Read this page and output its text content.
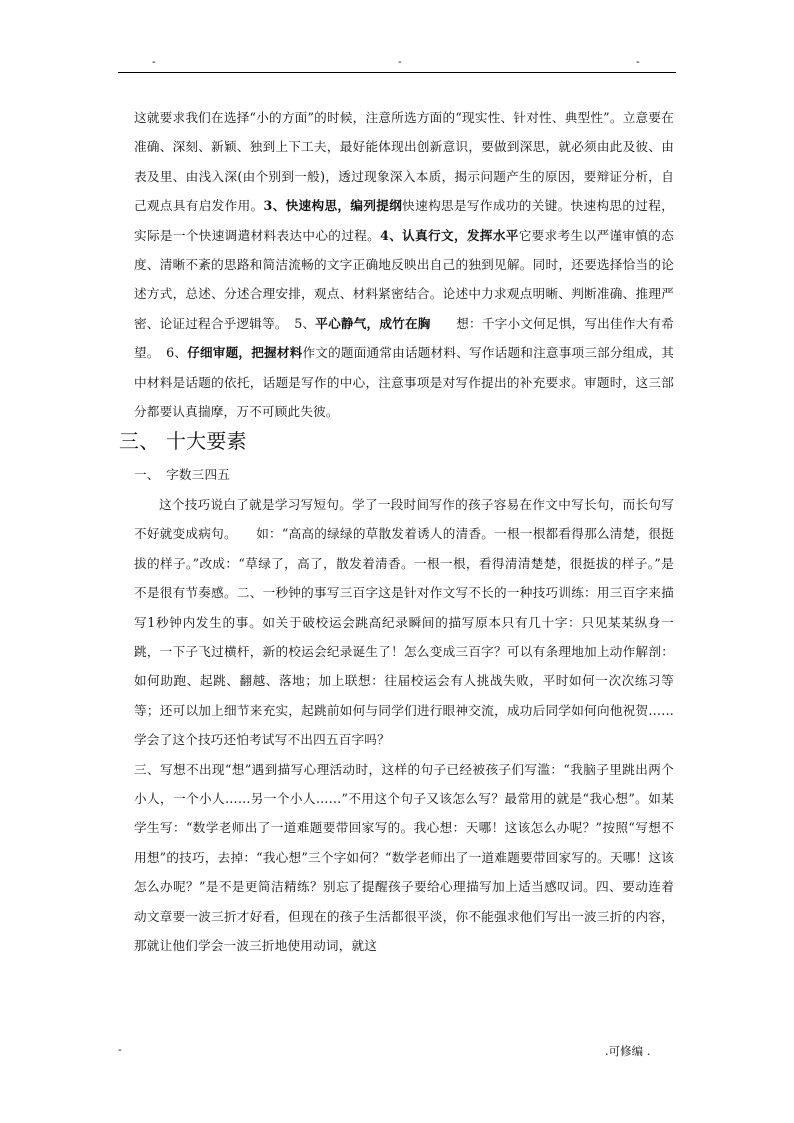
-	-	-

这就要求我们在选择“小的方面”的时候，注意所选方面的“现实性、针对性、典型性”。立意要在准确、深刻、新颖、独到上下工夫，最好能体现出创新意识，要做到深思，就必须由此及彼、由表及里、由浅入深(由个别到一般)，透过现象深入本质，揭示问题产生的原因，要辩证分析，自己观点具有启发作用。3、快速构思，编列提纲快速构思是写作成功的关键。快速构思的过程，实际是一个快速调遣材料表达中心的过程。4、认真行文，发挥水平它要求考生以严谨审慎的态度、清晰不紊的思路和简洁流畅的文字正确地反映出自己的独到见解。同时，还要选择恰当的论述方式，总述、分述合理安排，观点、材料紧密结合。论述中力求观点明晰、判断准确、推理严密、论证过程合乎逻辑等。　5、平心静气，成竹在胸　　想：千字小文何足惧，写出佳作大有希望。　6、仔细审题，把握材料作文的题面通常由话题材料、写作话题和注意事项三部分组成，其中材料是话题的依托，话题是写作的中心，注意事项是对写作提出的补充要求。审题时，这三部分都要认真揣摩，万不可顾此失彼。

三、 十大要素

一、　字数三四五

这个技巧说白了就是学习写短句。学了一段时间写作的孩子容易在作文中写长句，而长句写不好就变成病句。　　如：“高高的绿绿的草散发着诱人的清香。一根一根都看得那么清楚，很挺拔的样子。”改成：“草绿了，高了，散发着清香。一根一根，看得清清楚楚，很挺拔的样子。”是不是很有节奏感。二、一秒钟的事写三百字这是针对作文写不长的一种技巧训练：用三百字来描写1秒钟内发生的事。如关于破校运会跳高纪录瞬间的描写原本只有几十字：只见某某纵身一跳，一下子飞过横杆，新的校运会纪录诞生了！怎么变成三百字？可以有条理地加上动作解剖：如何助跑、起跳、翻越、落地；加上联想：往届校运会有人挑战失败，平时如何一次次练习等等；还可以加上细节来充实，起跳前如何与同学们进行眼神交流，成功后同学如何向他祝贺……学会了这个技巧还怕考试写不出四五百字吗？

三、写想不出现“想”遇到描写心理活动时，这样的句子已经被孩子们写滥：“我脑子里跳出两个小人，一个小人……另一个小人……”不用这个句子又该怎么写？最常用的就是“我心想”。如某学生写：“数学老师出了一道难题要带回家写的。我心想：天哪！这该怎么办呢？”按照“写想不用想”的技巧，去掉：“我心想”三个字如何？“数学老师出了一道难题要带回家写的。天哪！这该怎么办呢？”是不是更简洁精练？别忘了提醒孩子要给心理描写加上适当感叹词。四、要动连着动文章要一波三折才好看，但现在的孩子生活都很平淡，你不能强求他们写出一波三折的内容，那就让他们学会一波三折地使用动词，就这

-	.可修编 .
